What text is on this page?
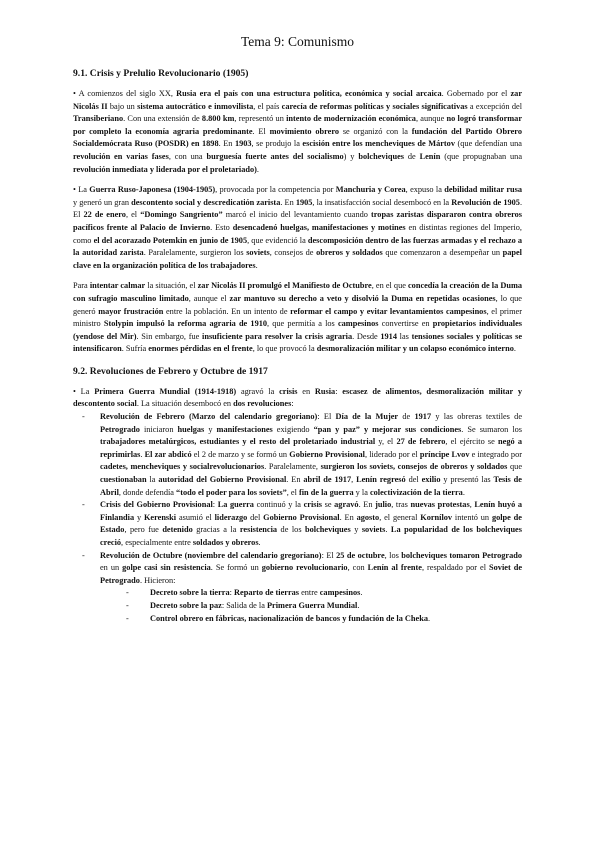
Tema 9: Comunismo
9.1. Crisis y Prelulio Revolucionario (1905)

• A comienzos del siglo XX, Rusia era el país con una estructura política, económica y social arcaica. Gobernado por el zar Nicolás II bajo un sistema autocrático e inmovilista, el país carecía de reformas políticas y sociales significativas a excepción del Transiberiano. Con una extensión de 8.800 km, representó un intento de modernización económica, aunque no logró transformar por completo la economía agraria predominante. El movimiento obrero se organizó con la fundación del Partido Obrero Socialdemócrata Ruso (POSDR) en 1898. En 1903, se produjo la escisión entre los mencheviques de Mártov (que defendían una revolución en varias fases, con una burguesía fuerte antes del socialismo) y bolcheviques de Lenín (que propugnaban una revolución inmediata y liderada por el proletariado).

• La Guerra Ruso-Japonesa (1904-1905), provocada por la competencia por Manchuria y Corea, expuso la debilidad militar rusa y generó un gran descontento social y descredicatión zarista. En 1905, la insatisfacción social desembocó en la Revolución de 1905. El 22 de enero, el “Domingo Sangriento” marcó el inicio del levantamiento cuando tropas zaristas dispararon contra obreros pacíficos frente al Palacio de Invierno. Esto desencadenó huelgas, manifestaciones y motines en distintas regiones del Imperio, como el del acorazado Potemkin en junio de 1905, que evidenció la descomposición dentro de las fuerzas armadas y el rechazo a la autoridad zarista. Paralelamente, surgieron los soviets, consejos de obreros y soldados que comenzaron a desempeñar un papel clave en la organización política de los trabajadores.

Para intentar calmar la situación, el zar Nicolás II promulgó el Manifiesto de Octubre, en el que concedía la creación de la Duma con sufragio masculino limitado, aunque el zar mantuvo su derecho a veto y disolvió la Duma en repetidas ocasiones, lo que generó mayor frustración entre la población. En un intento de reformar el campo y evitar levantamientos campesinos, el primer ministro Stolypin impulsó la reforma agraria de 1910, que permitía a los campesinos convertirse en propietarios individuales (yendose del Mir). Sin embargo, fue insuficiente para resolver la crisis agraria. Desde 1914 las tensiones sociales y políticas se intensificaron. Sufría enormes pérdidas en el frente, lo que provocó la desmoralización militar y un colapso económico interno.

9.2. Revoluciones de Febrero y Octubre de 1917

• La Primera Guerra Mundial (1914-1918) agravó la crisis en Rusia: escasez de alimentos, desmoralización militar y descontento social. La situación desembocó en dos revoluciones:

- Revolución de Febrero (Marzo del calendario gregoriano): El Día de la Mujer de 1917 y las obreras textiles de Petrogrado iniciaron huelgas y manifestaciones exigiendo “pan y paz” y mejorar sus condiciones. Se sumaron los trabajadores metalúrgicos, estudiantes y el resto del proletariado industrial y, el 27 de febrero, el ejército se negó a reprimirlas. El zar abdicó el 2 de marzo y se formó un Gobierno Provisional, liderado por el príncipe Lvov e integrado por cadetes, mencheviques y socialrevolucionarios. Paralelamente, surgieron los soviets, consejos de obreros y soldados que cuestionaban la autoridad del Gobierno Provisional. En abril de 1917, Lenín regresó del exilio y presentó las Tesis de Abril, donde defendía “todo el poder para los soviets”, el fin de la guerra y la colectivización de la tierra.
- Crisis del Gobierno Provisional: La guerra continuó y la crisis se agravó. En julio, tras nuevas protestas, Lenín huyó a Finlandia y Kerenski asumió el liderazgo del Gobierno Provisional. En agosto, el general Kornílov intentó un golpe de Estado, pero fue detenido gracias a la resistencia de los bolcheviques y soviets. La popularidad de los bolcheviques creció, especialmente entre soldados y obreros.
- Revolución de Octubre (noviembre del calendario gregoriano): El 25 de octubre, los bolcheviques tomaron Petrogrado en un golpe casi sin resistencia. Se formó un gobierno revolucionario, con Lenín al frente, respaldado por el Soviet de Petrogrado. Hicieron:
- Decreto sobre la tierra: Reparto de tierras entre campesinos.
- Decreto sobre la paz: Salida de la Primera Guerra Mundial.
- Control obrero en fábricas, nacionalización de bancos y fundación de la Cheka.
